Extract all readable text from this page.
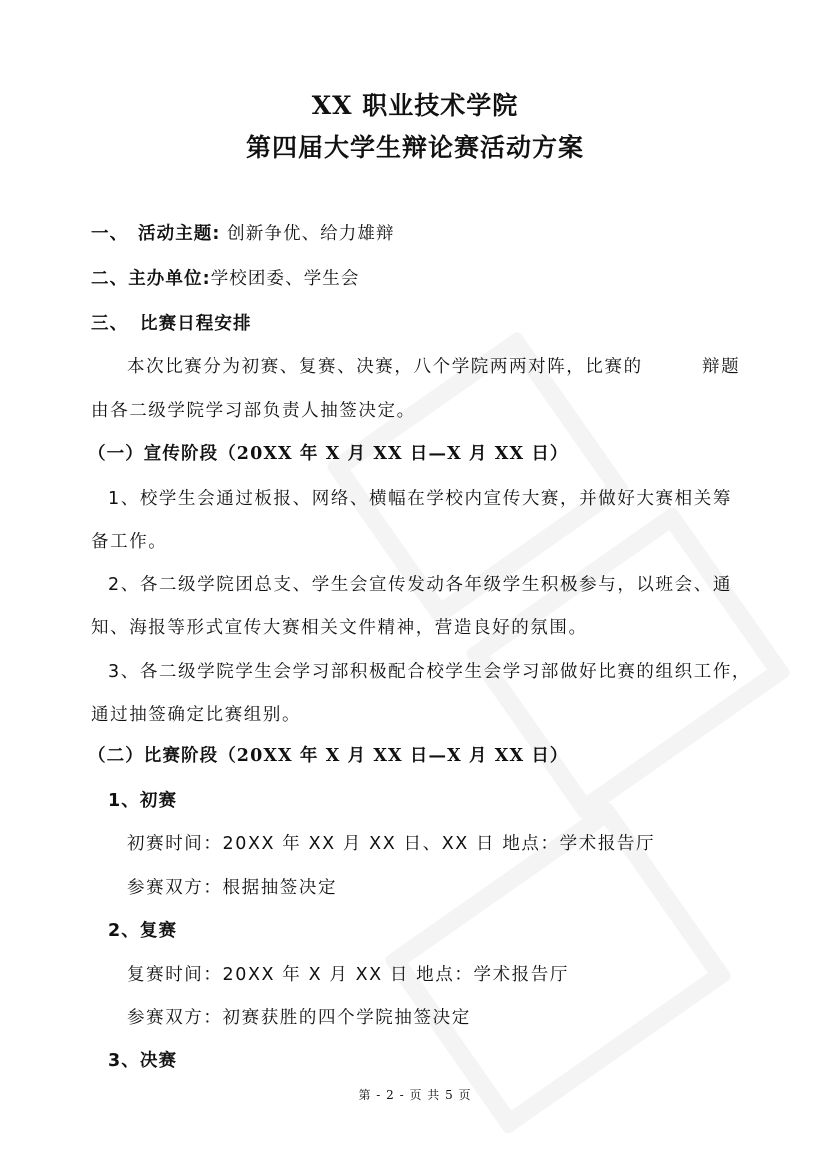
XX 职业技术学院
第四届大学生辩论赛活动方案
一、 活动主题: 创新争优、给力雄辩
二、主办单位:学校团委、学生会
三、 比赛日程安排
本次比赛分为初赛、复赛、决赛，八个学院两两对阵，比赛的	辩题
由各二级学院学习部负责人抽签决定。
（一）宣传阶段（20XX 年 X 月 XX 日—X 月 XX 日）
1、校学生会通过板报、网络、横幅在学校内宣传大赛，并做好大赛相关筹
备工作。
2、各二级学院团总支、学生会宣传发动各年级学生积极参与，以班会、通
知、海报等形式宣传大赛相关文件精神，营造良好的氛围。
3、各二级学院学生会学习部积极配合校学生会学习部做好比赛的组织工作，
通过抽签确定比赛组别。
（二）比赛阶段（20XX 年 X 月 XX 日—X 月 XX 日）
1、初赛
初赛时间：20XX 年 XX 月 XX 日、XX 日 地点：学术报告厅
参赛双方：根据抽签决定
2、复赛
复赛时间：20XX 年 X 月 XX 日 地点：学术报告厅
参赛双方：初赛获胜的四个学院抽签决定
3、决赛
第 - 2 - 页 共 5 页
